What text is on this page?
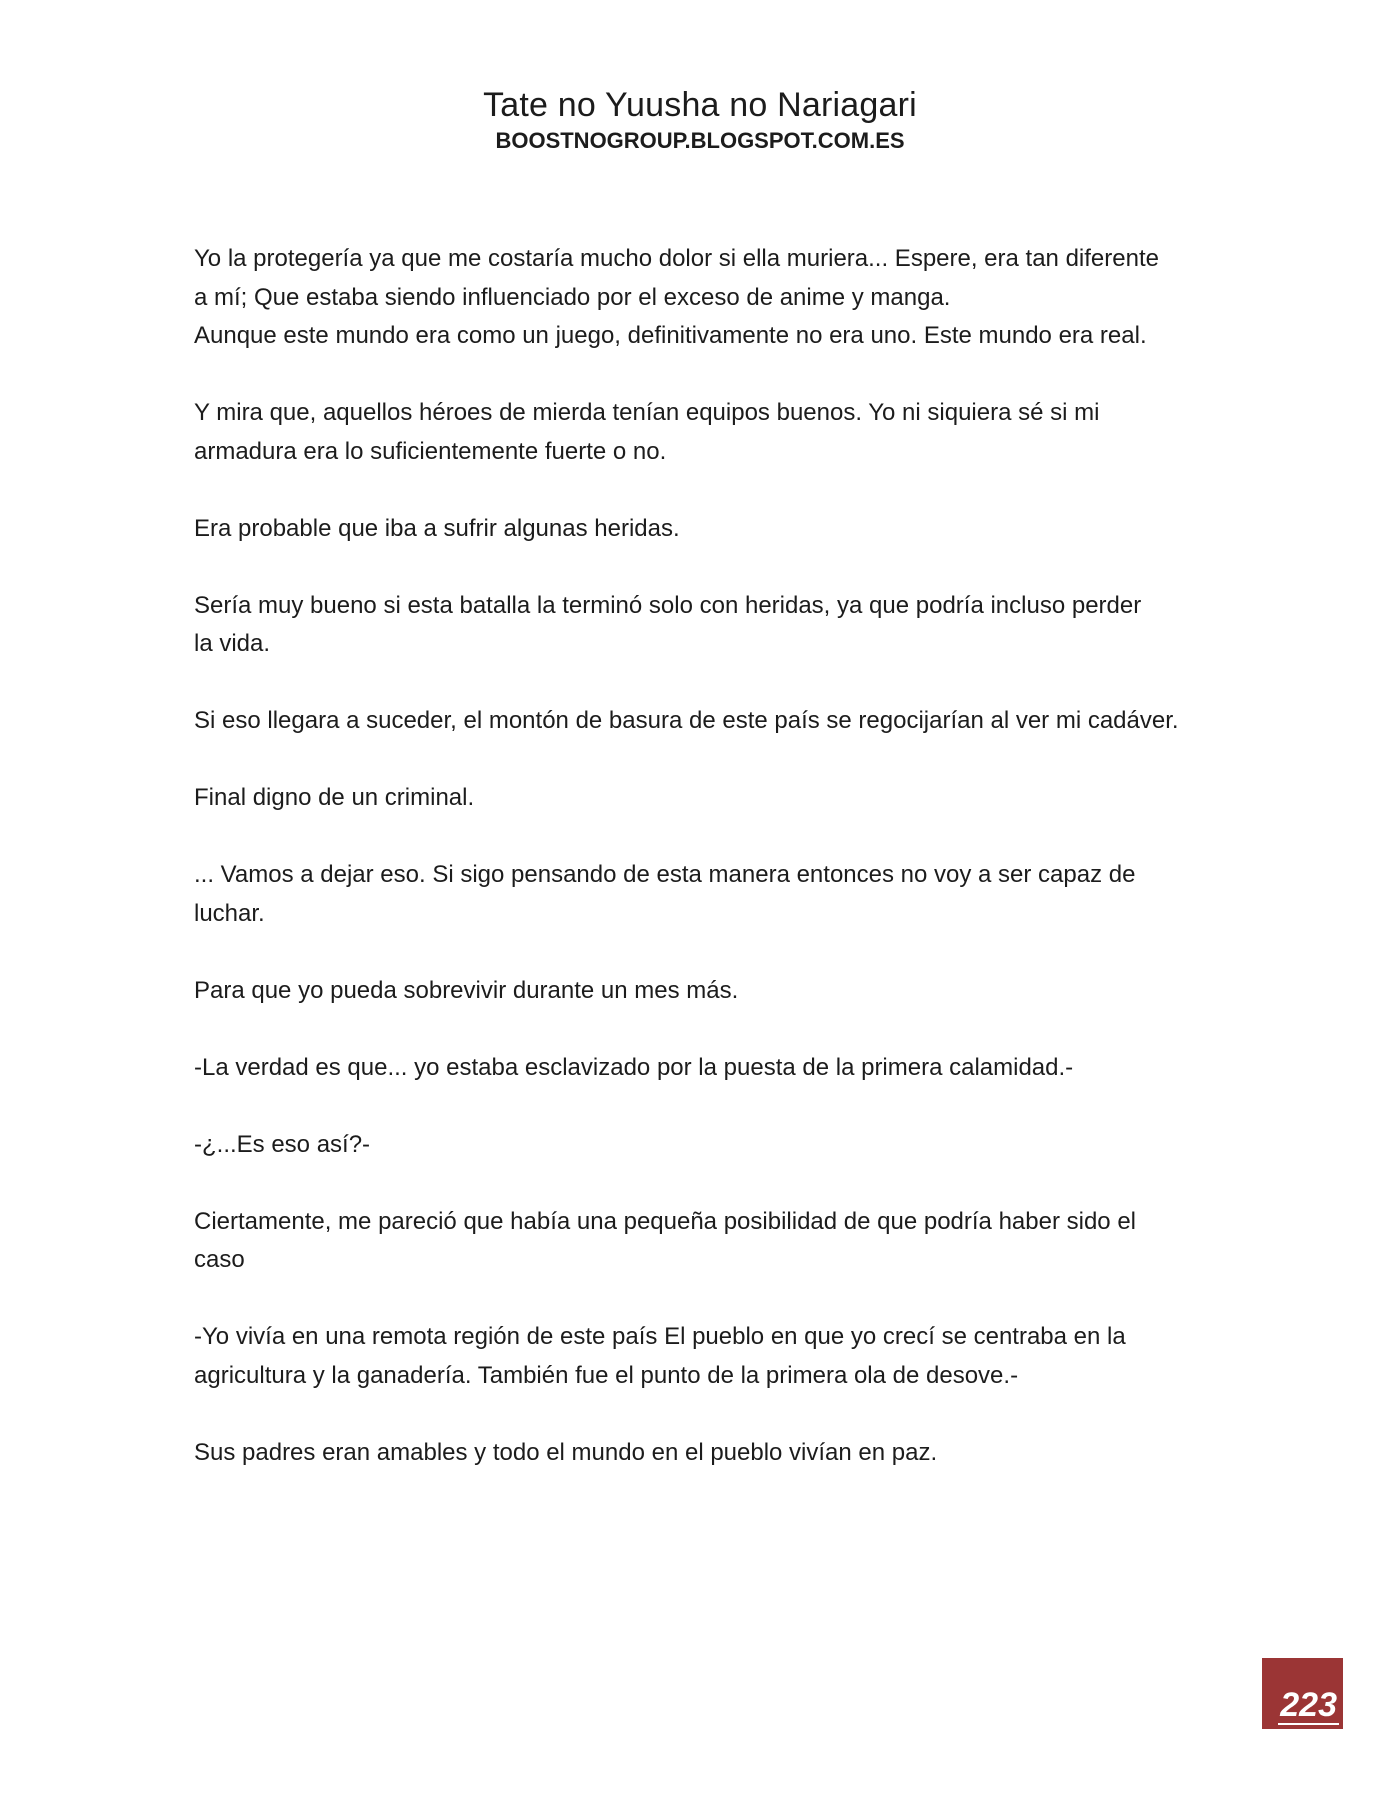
Tate no Yuusha no Nariagari
BOOSTNOGROUP.BLOGSPOT.COM.ES
Yo la protegería ya que me costaría mucho dolor si ella muriera... Espere, era tan diferente
a mí; Que estaba siendo influenciado por el exceso de anime y manga.
Aunque este mundo era como un juego, definitivamente no era uno. Este mundo era real.
Y mira que, aquellos héroes de mierda tenían equipos buenos. Yo ni siquiera sé si mi
armadura era lo suficientemente fuerte o no.
Era probable que iba a sufrir algunas heridas.
Sería muy bueno si esta batalla la terminó solo con heridas, ya que podría incluso perder
la vida.
Si eso llegara a suceder, el montón de basura de este país se regocijarían al ver mi cadáver.
Final digno de un criminal.
... Vamos a dejar eso. Si sigo pensando de esta manera entonces no voy a ser capaz de
luchar.
Para que yo pueda sobrevivir durante un mes más.
-La verdad es que... yo estaba esclavizado por la puesta de la primera calamidad.-
-¿...Es eso así?-
Ciertamente, me pareció que había una pequeña posibilidad de que podría haber sido el
caso
-Yo vivía en una remota región de este país El pueblo en que yo crecí se centraba en la
agricultura y la ganadería. También fue el punto de la primera ola de desove.-
Sus padres eran amables y todo el mundo en el pueblo vivían en paz.
223
